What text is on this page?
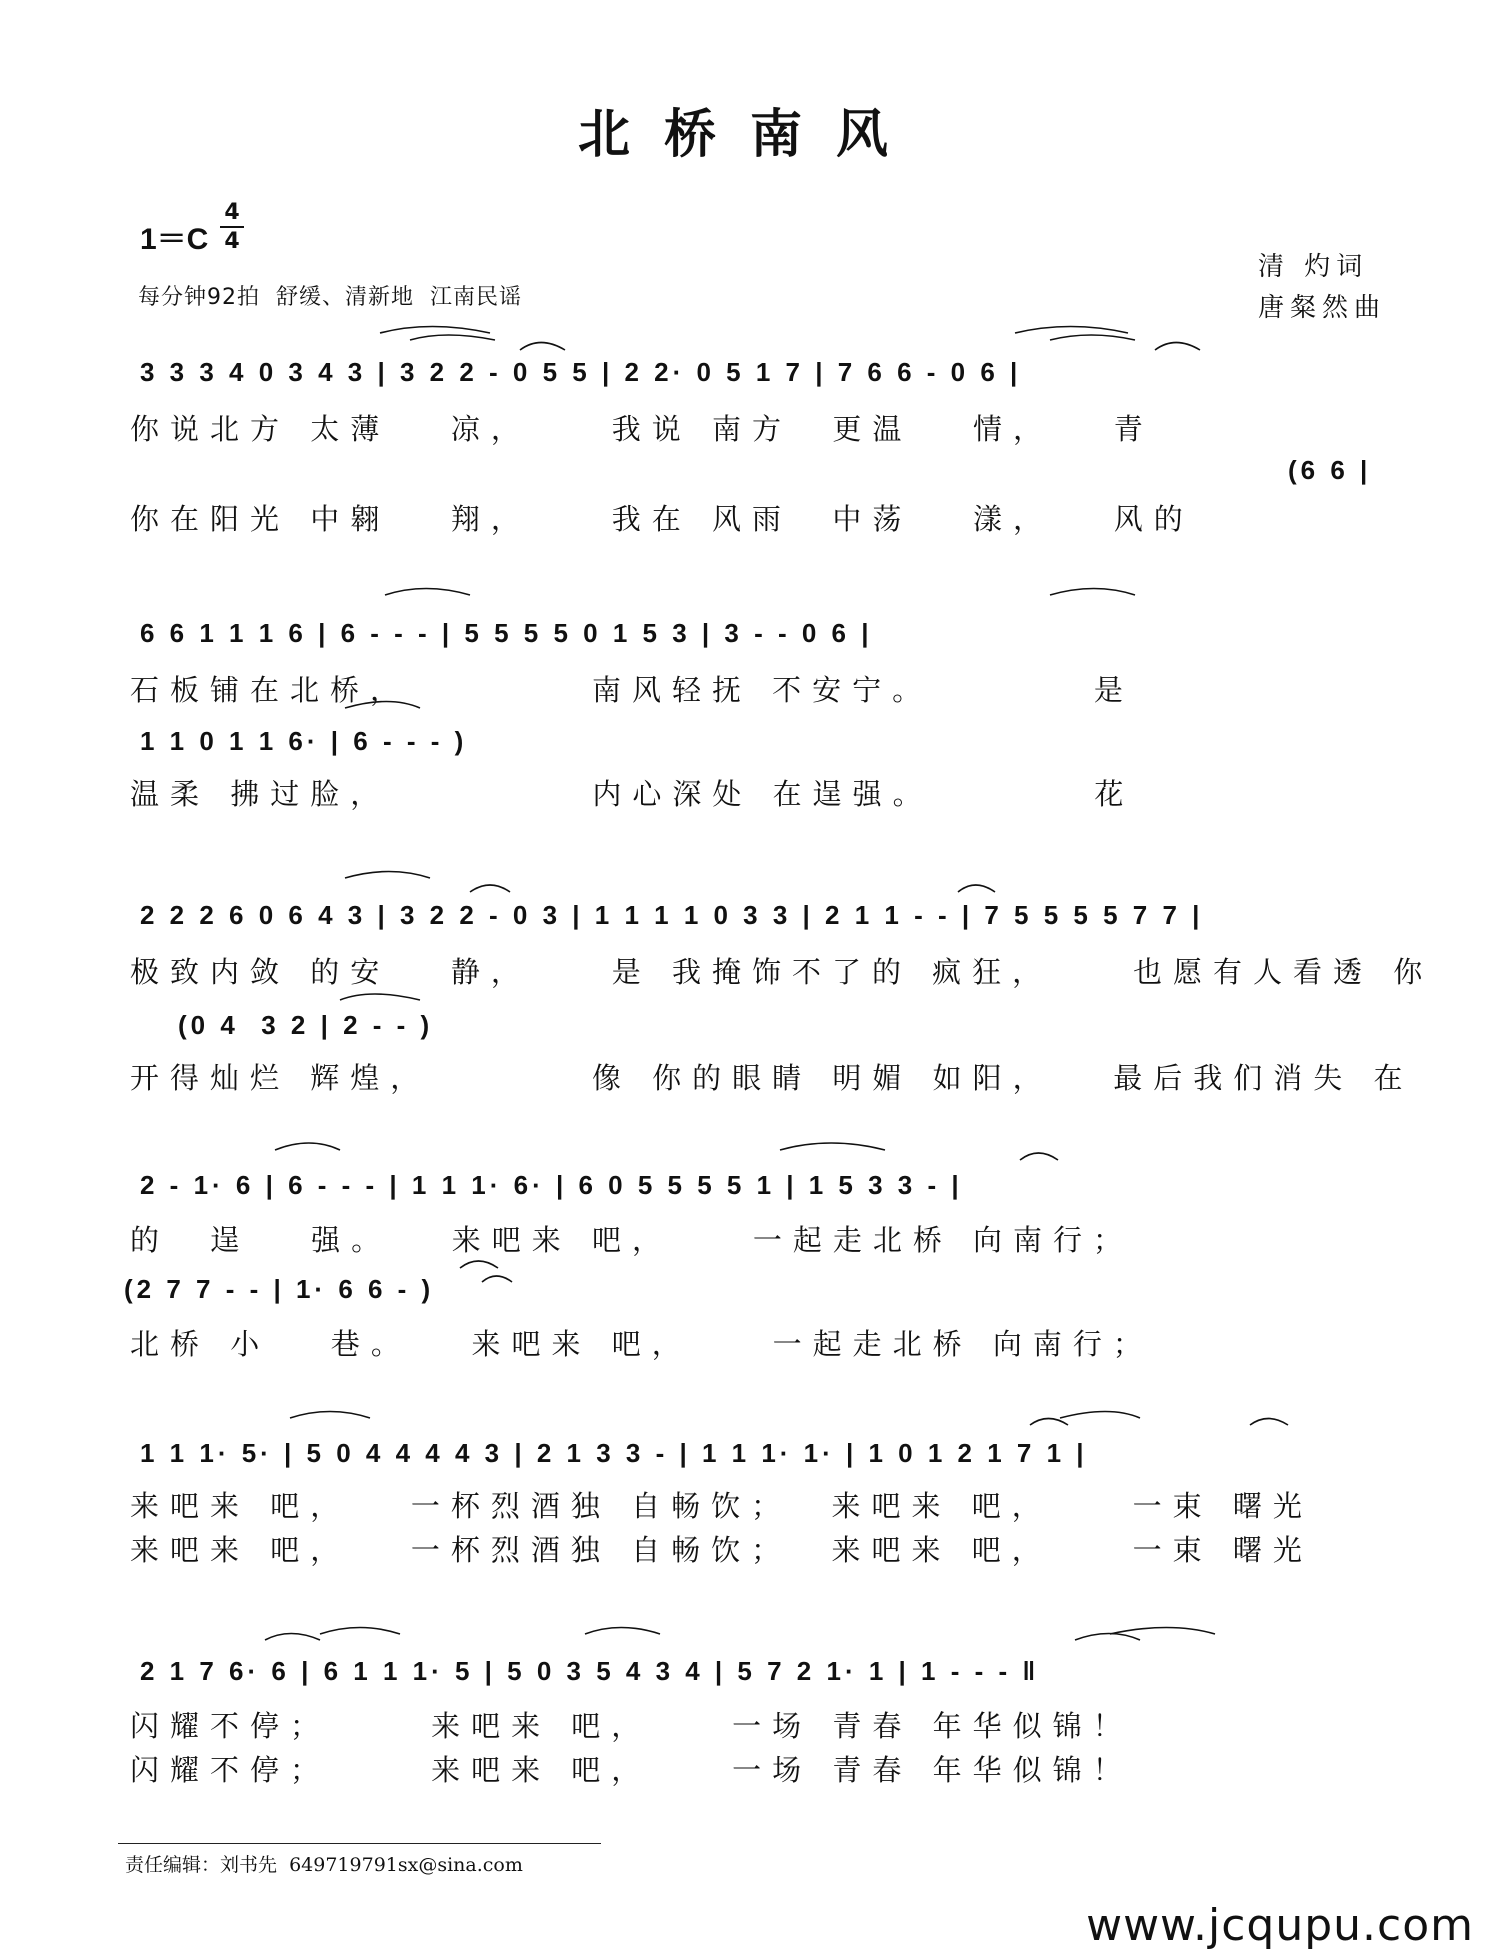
北桥南风
1＝C
4
4
每分钟92拍  舒缓、清新地  江南民谣
清 灼词
唐粲然曲
3 3 3 4 0 3 4 3 | 3 2 2 - 0 5 5 | 2 2· 0 5 1 7 | 7 6 6 - 0 6 |
你说北方 太薄   凉，    我说 南方  更温   情，   青
(6 6 |
你在阳光 中翱   翔，    我在 风雨  中荡   漾，   风的
6 6 1 1 1 6 | 6 - - - | 5 5 5 5 0 1 5 3 | 3 - - 0 6 |
石板铺在北桥，         南风轻抚 不安宁。        是
1 1 0 1 1 6· | 6 - - - )
温柔 拂过脸，          内心深处 在逞强。        花
2 2 2 6 0 6 4 3 | 3 2 2 - 0 3 | 1 1 1 1 0 3 3 | 2 1 1 - - | 7 5 5 5 5 7 7 |
极致内敛 的安   静，    是 我掩饰不了的 疯狂，    也愿有人看透 你
(0 4  3 2 | 2 - - )
开得灿烂 辉煌，        像 你的眼睛 明媚 如阳，   最后我们消失 在
2 - 1· 6 | 6 - - - | 1 1 1· 6· | 6 0 5 5 5 5 1 | 1 5 3 3 - |
的  逞   强。   来吧来 吧，    一起走北桥 向南行；
(2 7 7 - - | 1· 6 6 - )
北桥 小   巷。   来吧来 吧，    一起走北桥 向南行；
1 1 1· 5· | 5 0 4 4 4 4 3 | 2 1 3 3 - | 1 1 1· 1· | 1 0 1 2 1 7 1 |
来吧来 吧，   一杯烈酒独 自畅饮；  来吧来 吧，    一束 曙光
来吧来 吧，   一杯烈酒独 自畅饮；  来吧来 吧，    一束 曙光
2 1 7 6· 6 | 6 1 1 1· 5 | 5 0 3 5 4 3 4 | 5 7 2 1· 1 | 1 - - - ‖
闪耀不停；     来吧来 吧，    一场 青春 年华似锦！
闪耀不停；     来吧来 吧，    一场 青春 年华似锦！
责任编辑：刘书先  649719791sx@sina.com
www.jcqupu.com
